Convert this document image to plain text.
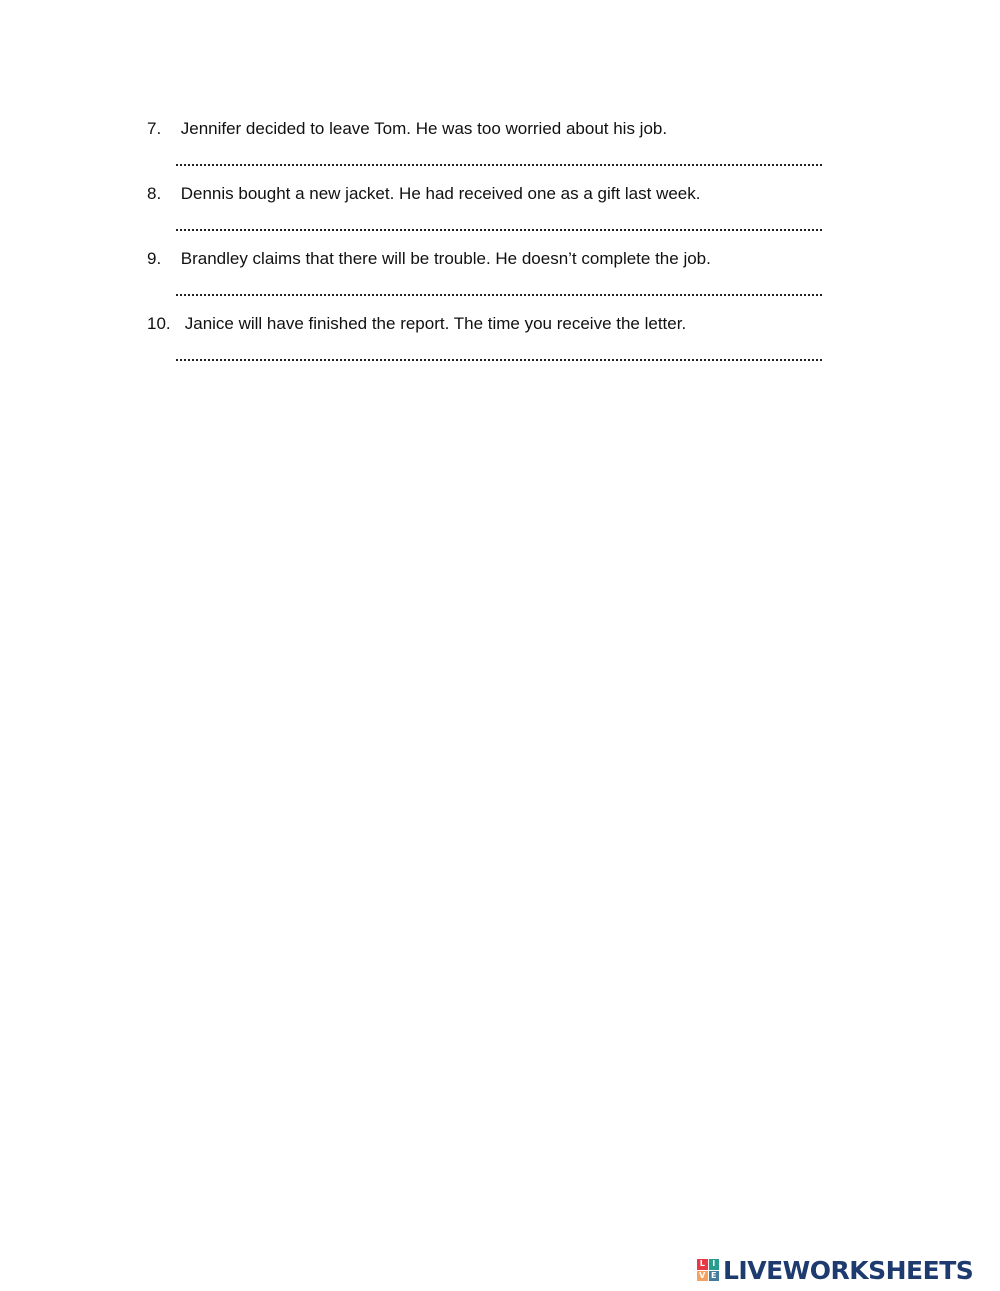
7. Jennifer decided to leave Tom. He was too worried about his job.
8. Dennis bought a new jacket. He had received one as a gift last week.
9. Brandley claims that there will be trouble. He doesn’t complete the job.
10. Janice will have finished the report. The time you receive the letter.
L I
V E LIVEWORKSHEETS
